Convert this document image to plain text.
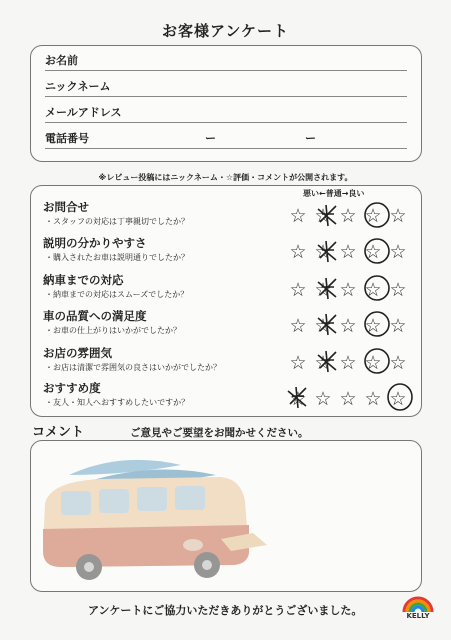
お客様アンケート
お名前
ニックネーム
メールアドレス
電話番号	ー	ー
※レビュー投稿にはニックネーム・☆評価・コメントが公開されます。
悪い←普通→良い
お問合せ
・スタッフの対応は丁寧親切でしたか？	☆ ☆ ☆ ☆ ☆
説明の分かりやすさ
・購入されたお車は説明通りでしたか？	☆ ☆ ☆ ☆ ☆
納車までの対応
・納車までの対応はスムーズでしたか？	☆ ☆ ☆ ☆ ☆
車の品質への満足度
・お車の仕上がりはいかがでしたか？	☆ ☆ ☆ ☆ ☆
お店の雰囲気
・お店は清潔で雰囲気の良さはいかがでしたか？	☆ ☆ ☆ ☆ ☆
おすすめ度
・友人・知人へおすすめしたいですか？	☆ ☆ ☆ ☆ ☆
コメント	ご意見やご要望をお聞かせください。
アンケートにご協力いただきありがとうございました。	KELLY
